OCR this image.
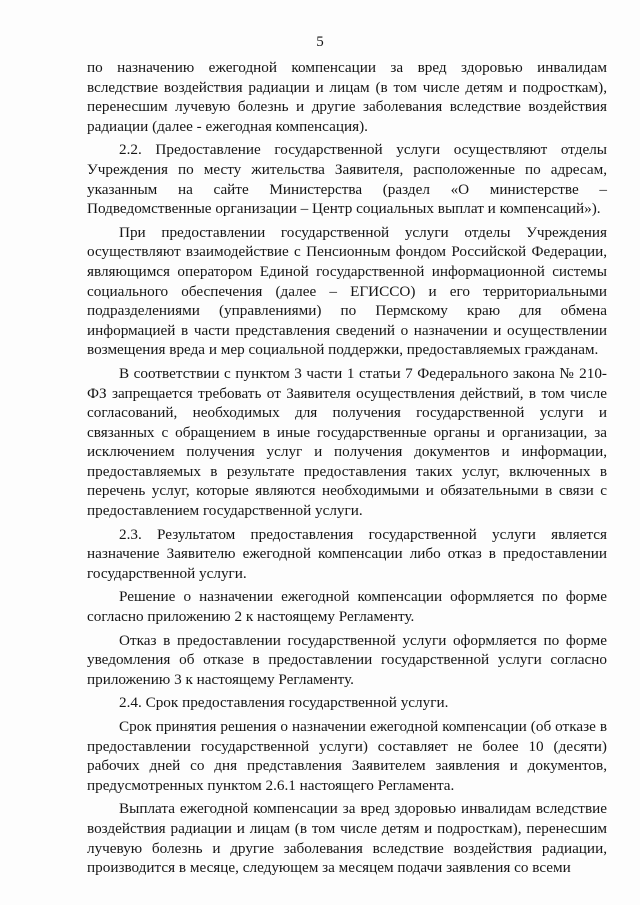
5

по назначению ежегодной компенсации за вред здоровью инвалидам вследствие воздействия радиации и лицам (в том числе детям и подросткам), перенесшим лучевую болезнь и другие заболевания вследствие воздействия радиации (далее - ежегодная компенсация).

2.2. Предоставление государственной услуги осуществляют отделы Учреждения по месту жительства Заявителя, расположенные по адресам, указанным на сайте Министерства (раздел «О министерстве – Подведомственные организации – Центр социальных выплат и компенсаций»).

При предоставлении государственной услуги отделы Учреждения осуществляют взаимодействие с Пенсионным фондом Российской Федерации, являющимся оператором Единой государственной информационной системы социального обеспечения (далее – ЕГИССО) и его территориальными подразделениями (управлениями) по Пермскому краю для обмена информацией в части представления сведений о назначении и осуществлении возмещения вреда и мер социальной поддержки, предоставляемых гражданам.

В соответствии с пунктом 3 части 1 статьи 7 Федерального закона № 210-ФЗ запрещается требовать от Заявителя осуществления действий, в том числе согласований, необходимых для получения государственной услуги и связанных с обращением в иные государственные органы и организации, за исключением получения услуг и получения документов и информации, предоставляемых в результате предоставления таких услуг, включенных в перечень услуг, которые являются необходимыми и обязательными в связи с предоставлением государственной услуги.

2.3. Результатом предоставления государственной услуги является назначение Заявителю ежегодной компенсации либо отказ в предоставлении государственной услуги.

Решение о назначении ежегодной компенсации оформляется по форме согласно приложению 2 к настоящему Регламенту.

Отказ в предоставлении государственной услуги оформляется по форме уведомления об отказе в предоставлении государственной услуги согласно приложению 3 к настоящему Регламенту.

2.4. Срок предоставления государственной услуги.

Срок принятия решения о назначении ежегодной компенсации (об отказе в предоставлении государственной услуги) составляет не более 10 (десяти) рабочих дней со дня представления Заявителем заявления и документов, предусмотренных пунктом 2.6.1 настоящего Регламента.

Выплата ежегодной компенсации за вред здоровью инвалидам вследствие воздействия радиации и лицам (в том числе детям и подросткам), перенесшим лучевую болезнь и другие заболевания вследствие воздействия радиации, производится в месяце, следующем за месяцем подачи заявления со всеми
